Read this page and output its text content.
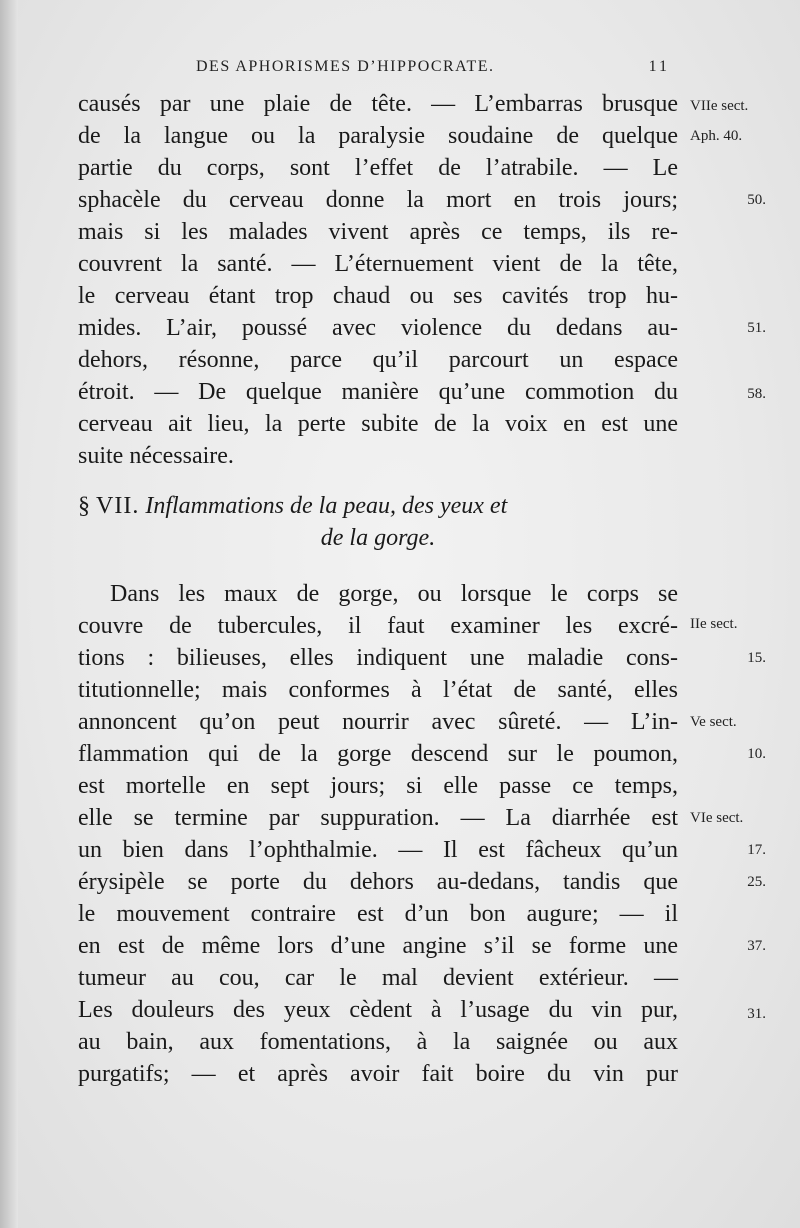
DES APHORISMES D’HIPPOCRATE.	11
causés par une plaie de tête. — L’embarras brusque
de la langue ou la paralysie soudaine de quelque
partie du corps, sont l’effet de l’atrabile. — Le
sphacèle du cerveau donne la mort en trois jours;
mais si les malades vivent après ce temps, ils re-
couvrent la santé. — L’éternuement vient de la tête,
le cerveau étant trop chaud ou ses cavités trop hu-
mides. L’air, poussé avec violence du dedans au-
dehors, résonne, parce qu’il parcourt un espace
étroit. — De quelque manière qu’une commotion du
cerveau ait lieu, la perte subite de la voix en est une
suite nécessaire.
§ VII. Inflammations de la peau, des yeux et
de la gorge.
Dans les maux de gorge, ou lorsque le corps se
couvre de tubercules, il faut examiner les excré-
tions : bilieuses, elles indiquent une maladie cons-
titutionnelle; mais conformes à l’état de santé, elles
annoncent qu’on peut nourrir avec sûreté. — L’in-
flammation qui de la gorge descend sur le poumon,
est mortelle en sept jours; si elle passe ce temps,
elle se termine par suppuration. — La diarrhée est
un bien dans l’ophthalmie. — Il est fâcheux qu’un
érysipèle se porte du dehors au-dedans, tandis que
le mouvement contraire est d’un bon augure; — il
en est de même lors d’une angine s’il se forme une
tumeur au cou, car le mal devient extérieur. —
Les douleurs des yeux cèdent à l’usage du vin pur,
au bain, aux fomentations, à la saignée ou aux
purgatifs; — et après avoir fait boire du vin pur
VIIe sect.
Aph. 40.
50.
51.
58.
IIe sect.
15.
Ve sect.
10.
VIe sect.
17.
25.
37.
31.
